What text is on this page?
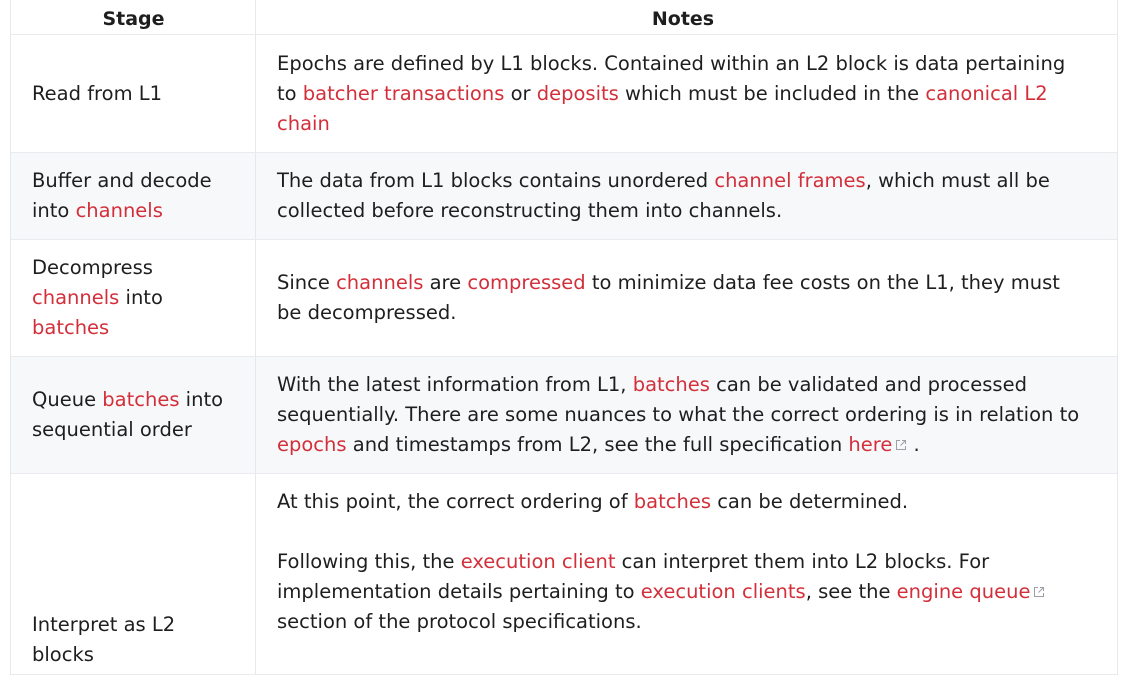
Stage	Notes
Read from L1
Epochs are defined by L1 blocks. Contained within an L2 block is data pertaining to batcher transactions or deposits which must be included in the canonical L2 chain
Buffer and decode into channels
The data from L1 blocks contains unordered channel frames, which must all be collected before reconstructing them into channels.
Decompress channels into batches
Since channels are compressed to minimize data fee costs on the L1, they must be decompressed.
Queue batches into sequential order
With the latest information from L1, batches can be validated and processed sequentially. There are some nuances to what the correct ordering is in relation to epochs and timestamps from L2, see the full specification here .
Interpret as L2 blocks
At this point, the correct ordering of batches can be determined.
Following this, the execution client can interpret them into L2 blocks. For implementation details pertaining to execution clients, see the engine queue section of the protocol specifications.
